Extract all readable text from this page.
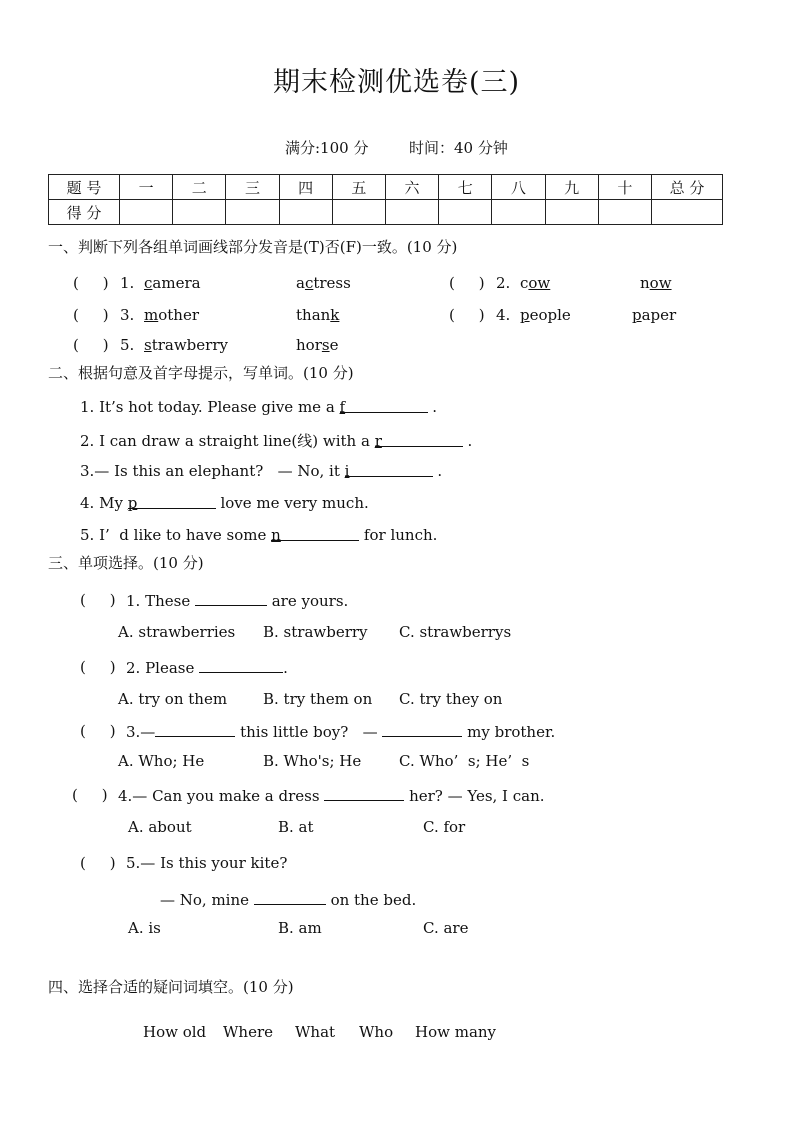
期末检测优选卷(三)
满分:100 分	时间：40 分钟
题 号	一	二	三	四	五	六	七	八	九	十	总 分
得 分											
一、判断下列各组单词画线部分发音是(T)否(F)一致。(10 分)
(     ) 1. camera	actress	(     ) 2. cow	now
(     ) 3. mother	thank	(     ) 4. people	paper
(     ) 5. strawberry	horse
二、根据句意及首字母提示，写单词。(10 分)
1. It’s hot today. Please give me a f	.
2. I can draw a straight line(线) with a r	.
3.— Is this an elephant?   — No, it i	.
4. My p	love me very much.
5. I’  d like to have some n	for lunch.
三、单项选择。(10 分)
(     ) 1. These	are yours.
A. strawberries B. strawberry C. strawberrys
(     ) 2. Please	.
A. try on them B. try them on C. try they on
(     ) 3.—	this little boy?   —	my brother.
A. Who; He	B. Who's; He	C. Who’  s; He’  s
(     ) 4.— Can you make a dress	her? — Yes, I can.
A. about	B. at	C. for
(     ) 5.— Is this your kite?
— No, mine	on the bed.
A. is	B. am	C. are
四、选择合适的疑问词填空。(10 分)
How old Where What Who How many
